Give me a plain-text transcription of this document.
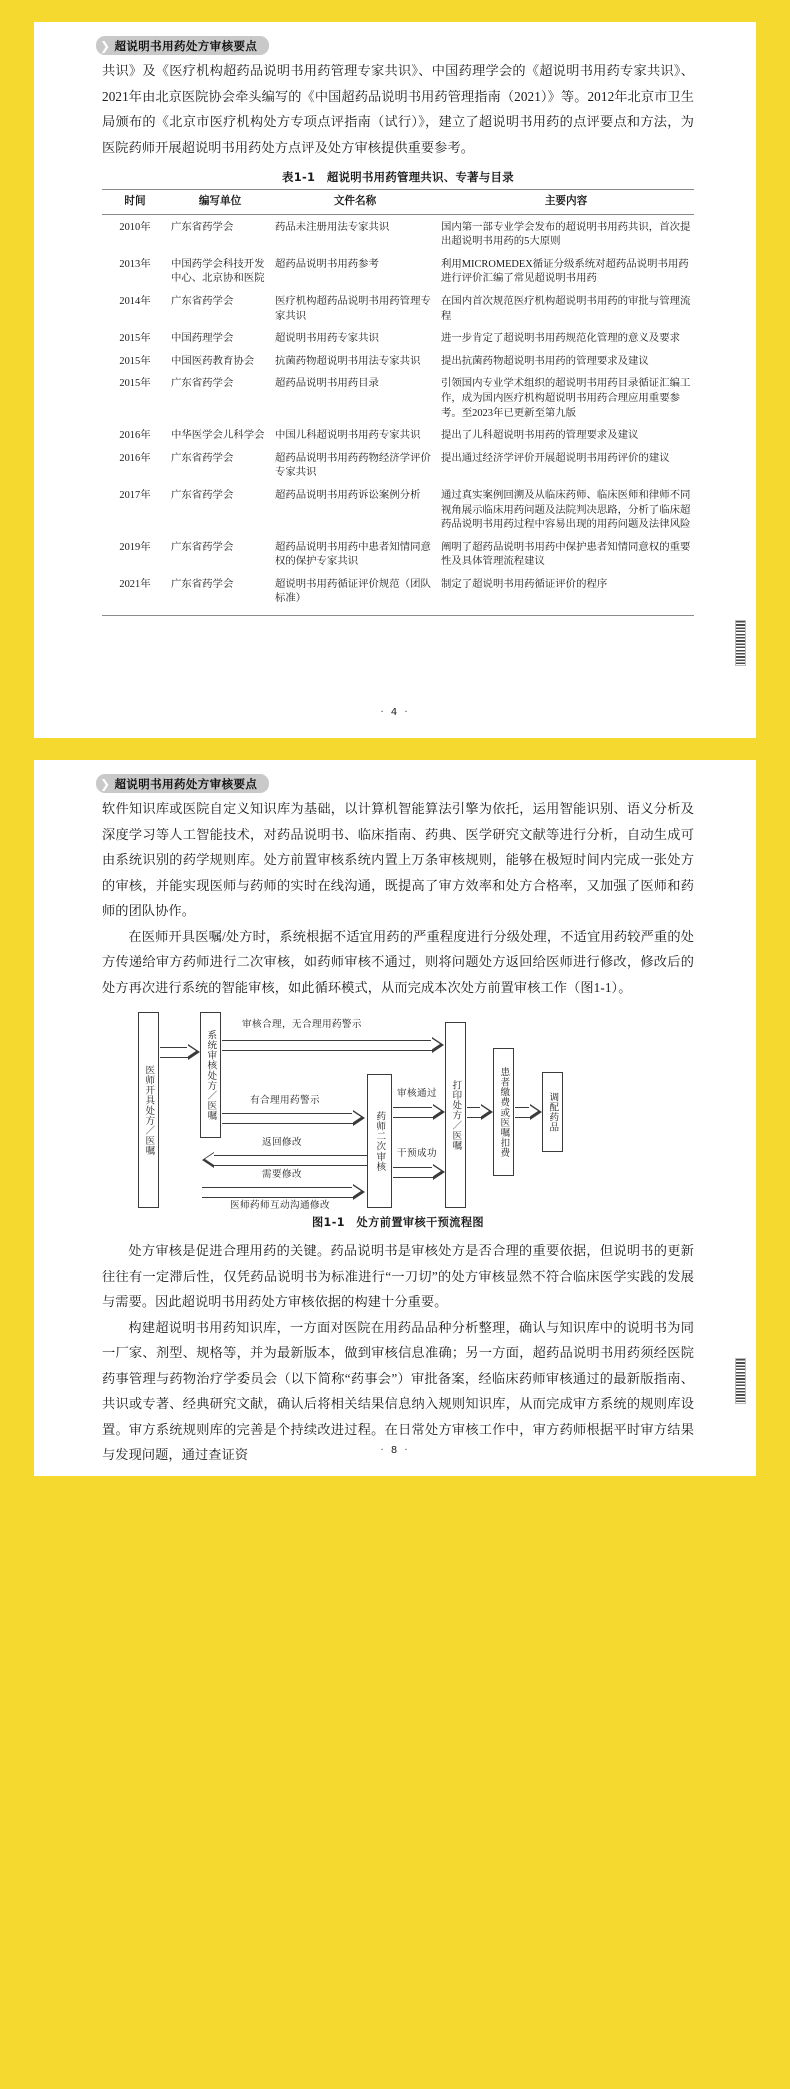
❯ 超说明书用药处方审核要点

共识》及《医疗机构超药品说明书用药管理专家共识》、中国药理学会的《超说明书用药专家共识》、2021年由北京医院协会牵头编写的《中国超药品说明书用药管理指南（2021）》等。2012年北京市卫生局颁布的《北京市医疗机构处方专项点评指南（试行）》，建立了超说明书用药的点评要点和方法，为医院药师开展超说明书用药处方点评及处方审核提供重要参考。

表1-1　超说明书用药管理共识、专著与目录
时间	编写单位	文件名称	主要内容
2010年	广东省药学会	药品未注册用法专家共识	国内第一部专业学会发布的超说明书用药共识，首次提出超说明书用药的5大原则
2013年	中国药学会科技开发中心、北京协和医院	超药品说明书用药参考	利用MICROMEDEX循证分级系统对超药品说明书用药进行评价汇编了常见超说明书用药
2014年	广东省药学会	医疗机构超药品说明书用药管理专家共识	在国内首次规范医疗机构超说明书用药的审批与管理流程
2015年	中国药理学会	超说明书用药专家共识	进一步肯定了超说明书用药规范化管理的意义及要求
2015年	中国医药教育协会	抗菌药物超说明书用法专家共识	提出抗菌药物超说明书用药的管理要求及建议
2015年	广东省药学会	超药品说明书用药目录	引领国内专业学术组织的超说明书用药目录循证汇编工作，成为国内医疗机构超说明书用药合理应用重要参考。至2023年已更新至第九版
2016年	中华医学会儿科学会	中国儿科超说明书用药专家共识	提出了儿科超说明书用药的管理要求及建议
2016年	广东省药学会	超药品说明书用药药物经济学评价专家共识	提出通过经济学评价开展超说明书用药评价的建议
2017年	广东省药学会	超药品说明书用药诉讼案例分析	通过真实案例回溯及从临床药师、临床医师和律师不同视角展示临床用药问题及法院判决思路，分析了临床超药品说明书用药过程中容易出现的用药问题及法律风险
2019年	广东省药学会	超药品说明书用药中患者知情同意权的保护专家共识	阐明了超药品说明书用药中保护患者知情同意权的重要性及具体管理流程建议
2021年	广东省药学会	超说明书用药循证评价规范（团队标准）	制定了超说明书用药循证评价的程序
· 4 ·
❯ 超说明书用药处方审核要点

软件知识库或医院自定义知识库为基础，以计算机智能算法引擎为依托，运用智能识别、语义分析及深度学习等人工智能技术，对药品说明书、临床指南、药典、医学研究文献等进行分析，自动生成可由系统识别的药学规则库。处方前置审核系统内置上万条审核规则，能够在极短时间内完成一张处方的审核，并能实现医师与药师的实时在线沟通，既提高了审方效率和处方合格率，又加强了医师和药师的团队协作。

在医师开具医嘱/处方时，系统根据不适宜用药的严重程度进行分级处理，不适宜用药较严重的处方传递给审方药师进行二次审核，如药师审核不通过，则将问题处方返回给医师进行修改，修改后的处方再次进行系统的智能审核，如此循环模式，从而完成本次处方前置审核工作（图1-1）。

医师开具处方／医嘱	系统审核处方／医嘱
药师二次审核	打印处方／医嘱	患者缴费或医嘱扣费	调配药品
审核合理，无合理用药警示
有合理用药警示
审核通过
返回修改
干预成功
需要修改
医师药师互动沟通修改
图1-1　处方前置审核干预流程图

处方审核是促进合理用药的关键。药品说明书是审核处方是否合理的重要依据，但说明书的更新往往有一定滞后性，仅凭药品说明书为标准进行“一刀切”的处方审核显然不符合临床医学实践的发展与需要。因此超说明书用药处方审核依据的构建十分重要。

构建超说明书用药知识库，一方面对医院在用药品品种分析整理，确认与知识库中的说明书为同一厂家、剂型、规格等，并为最新版本，做到审核信息准确；另一方面，超药品说明书用药须经医院药事管理与药物治疗学委员会（以下简称“药事会”）审批备案，经临床药师审核通过的最新版指南、共识或专著、经典研究文献，确认后将相关结果信息纳入规则知识库，从而完成审方系统的规则库设置。审方系统规则库的完善是个持续改进过程。在日常处方审核工作中，审方药师根据平时审方结果与发现问题，通过查证资	· 8 ·
